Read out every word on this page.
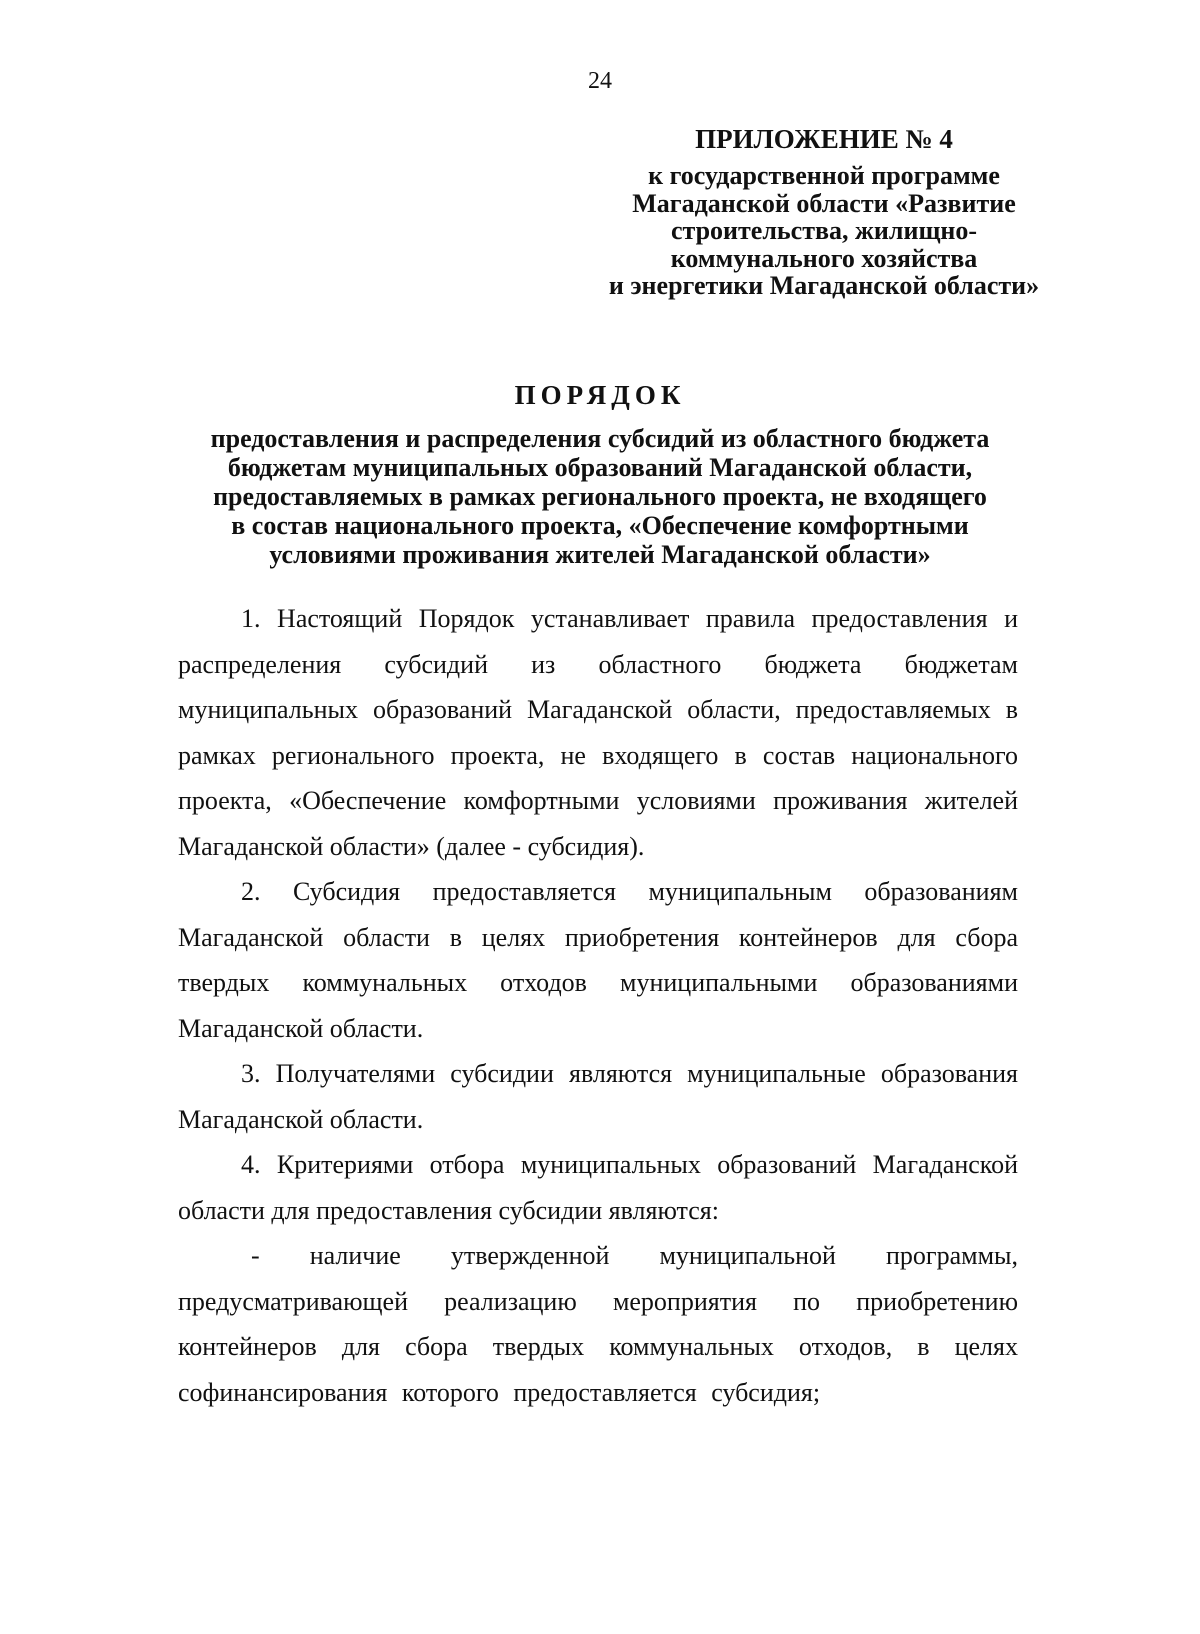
24
ПРИЛОЖЕНИЕ № 4
к государственной программе
Магаданской области «Развитие
строительства, жилищно-
коммунального хозяйства
и энергетики Магаданской области»
ПОРЯДОК
предоставления и распределения субсидий из областного бюджета
бюджетам муниципальных образований Магаданской области,
предоставляемых в рамках регионального проекта, не входящего
в состав национального проекта, «Обеспечение комфортными
условиями проживания жителей Магаданской области»

1. Настоящий Порядок устанавливает правила предоставления и распределения субсидий из областного бюджета бюджетам муниципальных образований Магаданской области, предоставляемых в рамках регионального проекта, не входящего в состав национального проекта, «Обеспечение комфортными условиями проживания жителей Магаданской области» (далее - субсидия).

2. Субсидия предоставляется муниципальным образованиям Магаданской области в целях приобретения контейнеров для сбора твердых коммунальных отходов муниципальными образованиями Магаданской области.

3. Получателями субсидии являются муниципальные образования Магаданской области.

4. Критериями отбора муниципальных образований Магаданской области для предоставления субсидии являются:

- наличие утвержденной муниципальной программы, предусматривающей реализацию мероприятия по приобретению контейнеров для сбора твердых коммунальных отходов, в целях софинансирования которого предоставляется субсидия;
